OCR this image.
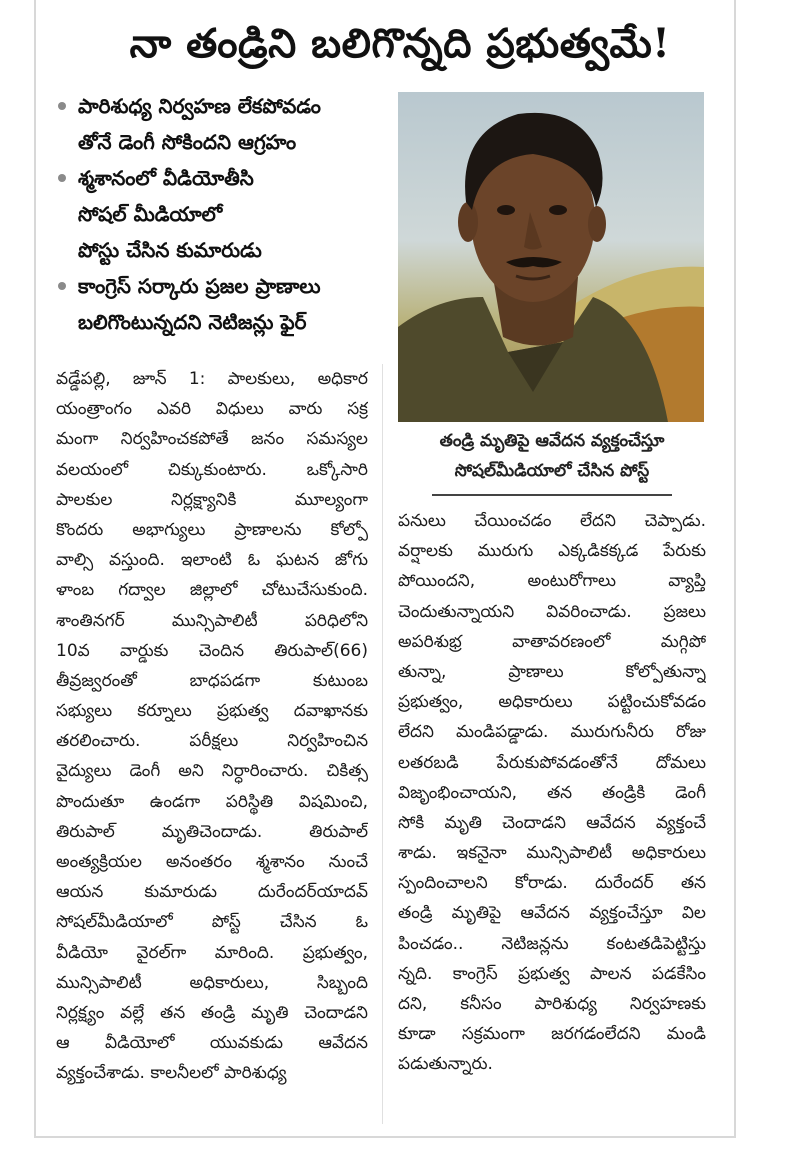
నా తండ్రిని బలిగొన్నది ప్రభుత్వమే!
పారిశుధ్య నిర్వహణ లేకపోవడం
తోనే డెంగీ సోకిందని ఆగ్రహం
శ్మశానంలో వీడియోతీసి
సోషల్ మీడియాలో
పోస్టు చేసిన కుమారుడు
కాంగ్రెస్ సర్కారు ప్రజల ప్రాణాలు
బలిగొంటున్నదని నెటిజన్లు ఫైర్
తండ్రి మృతిపై ఆవేదన వ్యక్తంచేస్తూ
సోషల్‌మీడియాలో చేసిన పోస్ట్
వడ్డేపల్లి, జూన్ 1: పాలకులు, అధికార
యంత్రాంగం ఎవరి విధులు వారు సక్ర
మంగా నిర్వహించకపోతే జనం సమస్యల
వలయంలో చిక్కుకుంటారు. ఒక్కోసారి
పాలకుల నిర్లక్ష్యానికి మూల్యంగా
కొందరు అభాగ్యులు ప్రాణాలను కోల్పో
వాల్సి వస్తుంది. ఇలాంటి ఓ ఘటన జోగు
ళాంబ గద్వాల జిల్లాలో చోటుచేసుకుంది.
శాంతినగర్ మున్సిపాలిటీ పరిధిలోని
10వ వార్డుకు చెందిన తిరుపాల్(66)
తీవ్రజ్వరంతో బాధపడగా కుటుంబ
సభ్యులు కర్నూలు ప్రభుత్వ దవాఖానకు
తరలించారు. పరీక్షలు నిర్వహించిన
వైద్యులు డెంగీ అని నిర్ధారించారు. చికిత్స
పొందుతూ ఉండగా పరిస్థితి విషమించి,
తిరుపాల్ మృతిచెందాడు. తిరుపాల్
అంత్యక్రియల అనంతరం శ్మశానం నుంచే
ఆయన కుమారుడు దురేందర్‌యాదవ్
సోషల్‌మీడియాలో పోస్ట్ చేసిన ఓ
వీడియో వైరల్‌గా మారింది. ప్రభుత్వం,
మున్సిపాలిటీ అధికారులు, సిబ్బంది
నిర్లక్ష్యం వల్లే తన తండ్రి మృతి చెందాడని
ఆ వీడియోలో యువకుడు ఆవేదన
వ్యక్తంచేశాడు. కాలనీలలో పారిశుధ్య
పనులు చేయించడం లేదని చెప్పాడు.
వర్షాలకు మురుగు ఎక్కడికక్కడ పేరుకు
పోయిందని, అంటురోగాలు వ్యాప్తి
చెందుతున్నాయని వివరించాడు. ప్రజలు
అపరిశుభ్ర వాతావరణంలో మగ్గిపో
తున్నా, ప్రాణాలు కోల్పోతున్నా
ప్రభుత్వం, అధికారులు పట్టించుకోవడం
లేదని మండిపడ్డాడు. మురుగునీరు రోజు
లతరబడి పేరుకుపోవడంతోనే దోమలు
విజృంభించాయని, తన తండ్రికి డెంగీ
సోకి మృతి చెందాడని ఆవేదన వ్యక్తంచే
శాడు. ఇకనైనా మున్సిపాలిటీ అధికారులు
స్పందించాలని కోరాడు. దురేందర్ తన
తండ్రి మృతిపై ఆవేదన వ్యక్తంచేస్తూ విల
పించడం.. నెటిజన్లను కంటతడిపెట్టిస్తు
న్నది. కాంగ్రెస్ ప్రభుత్వ పాలన పడకేసిం
దని, కనీసం పారిశుధ్య నిర్వహణకు
కూడా సక్రమంగా జరగడంలేదని మండి
పడుతున్నారు.
